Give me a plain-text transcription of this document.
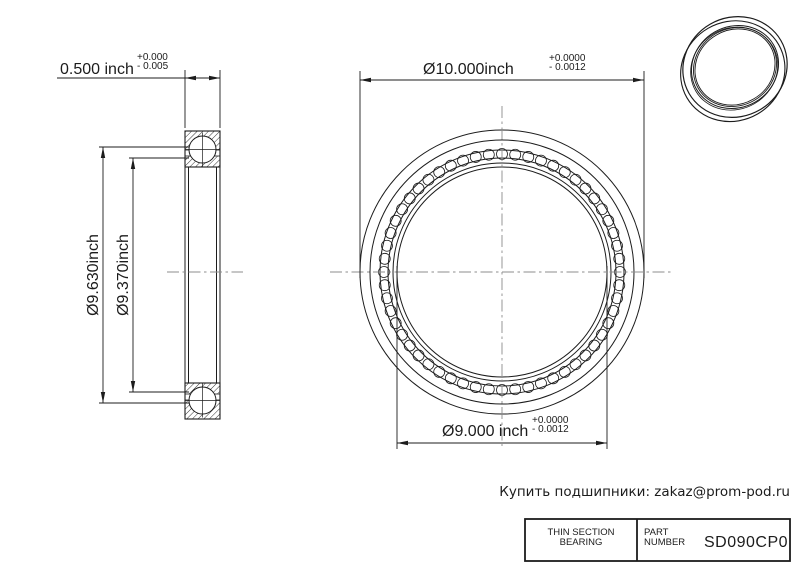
0.500 inch
+0.000
- 0.005	Ø10.000inch
+0.0000
- 0.0012
Ø9.000 inch
+0.0000
- 0.0012
Ø9.630inch Ø9.370inch
Купить подшипники: zakaz@prom-pod.ru
THIN SECTION
BEARING
PART
NUMBER SD090CP0
